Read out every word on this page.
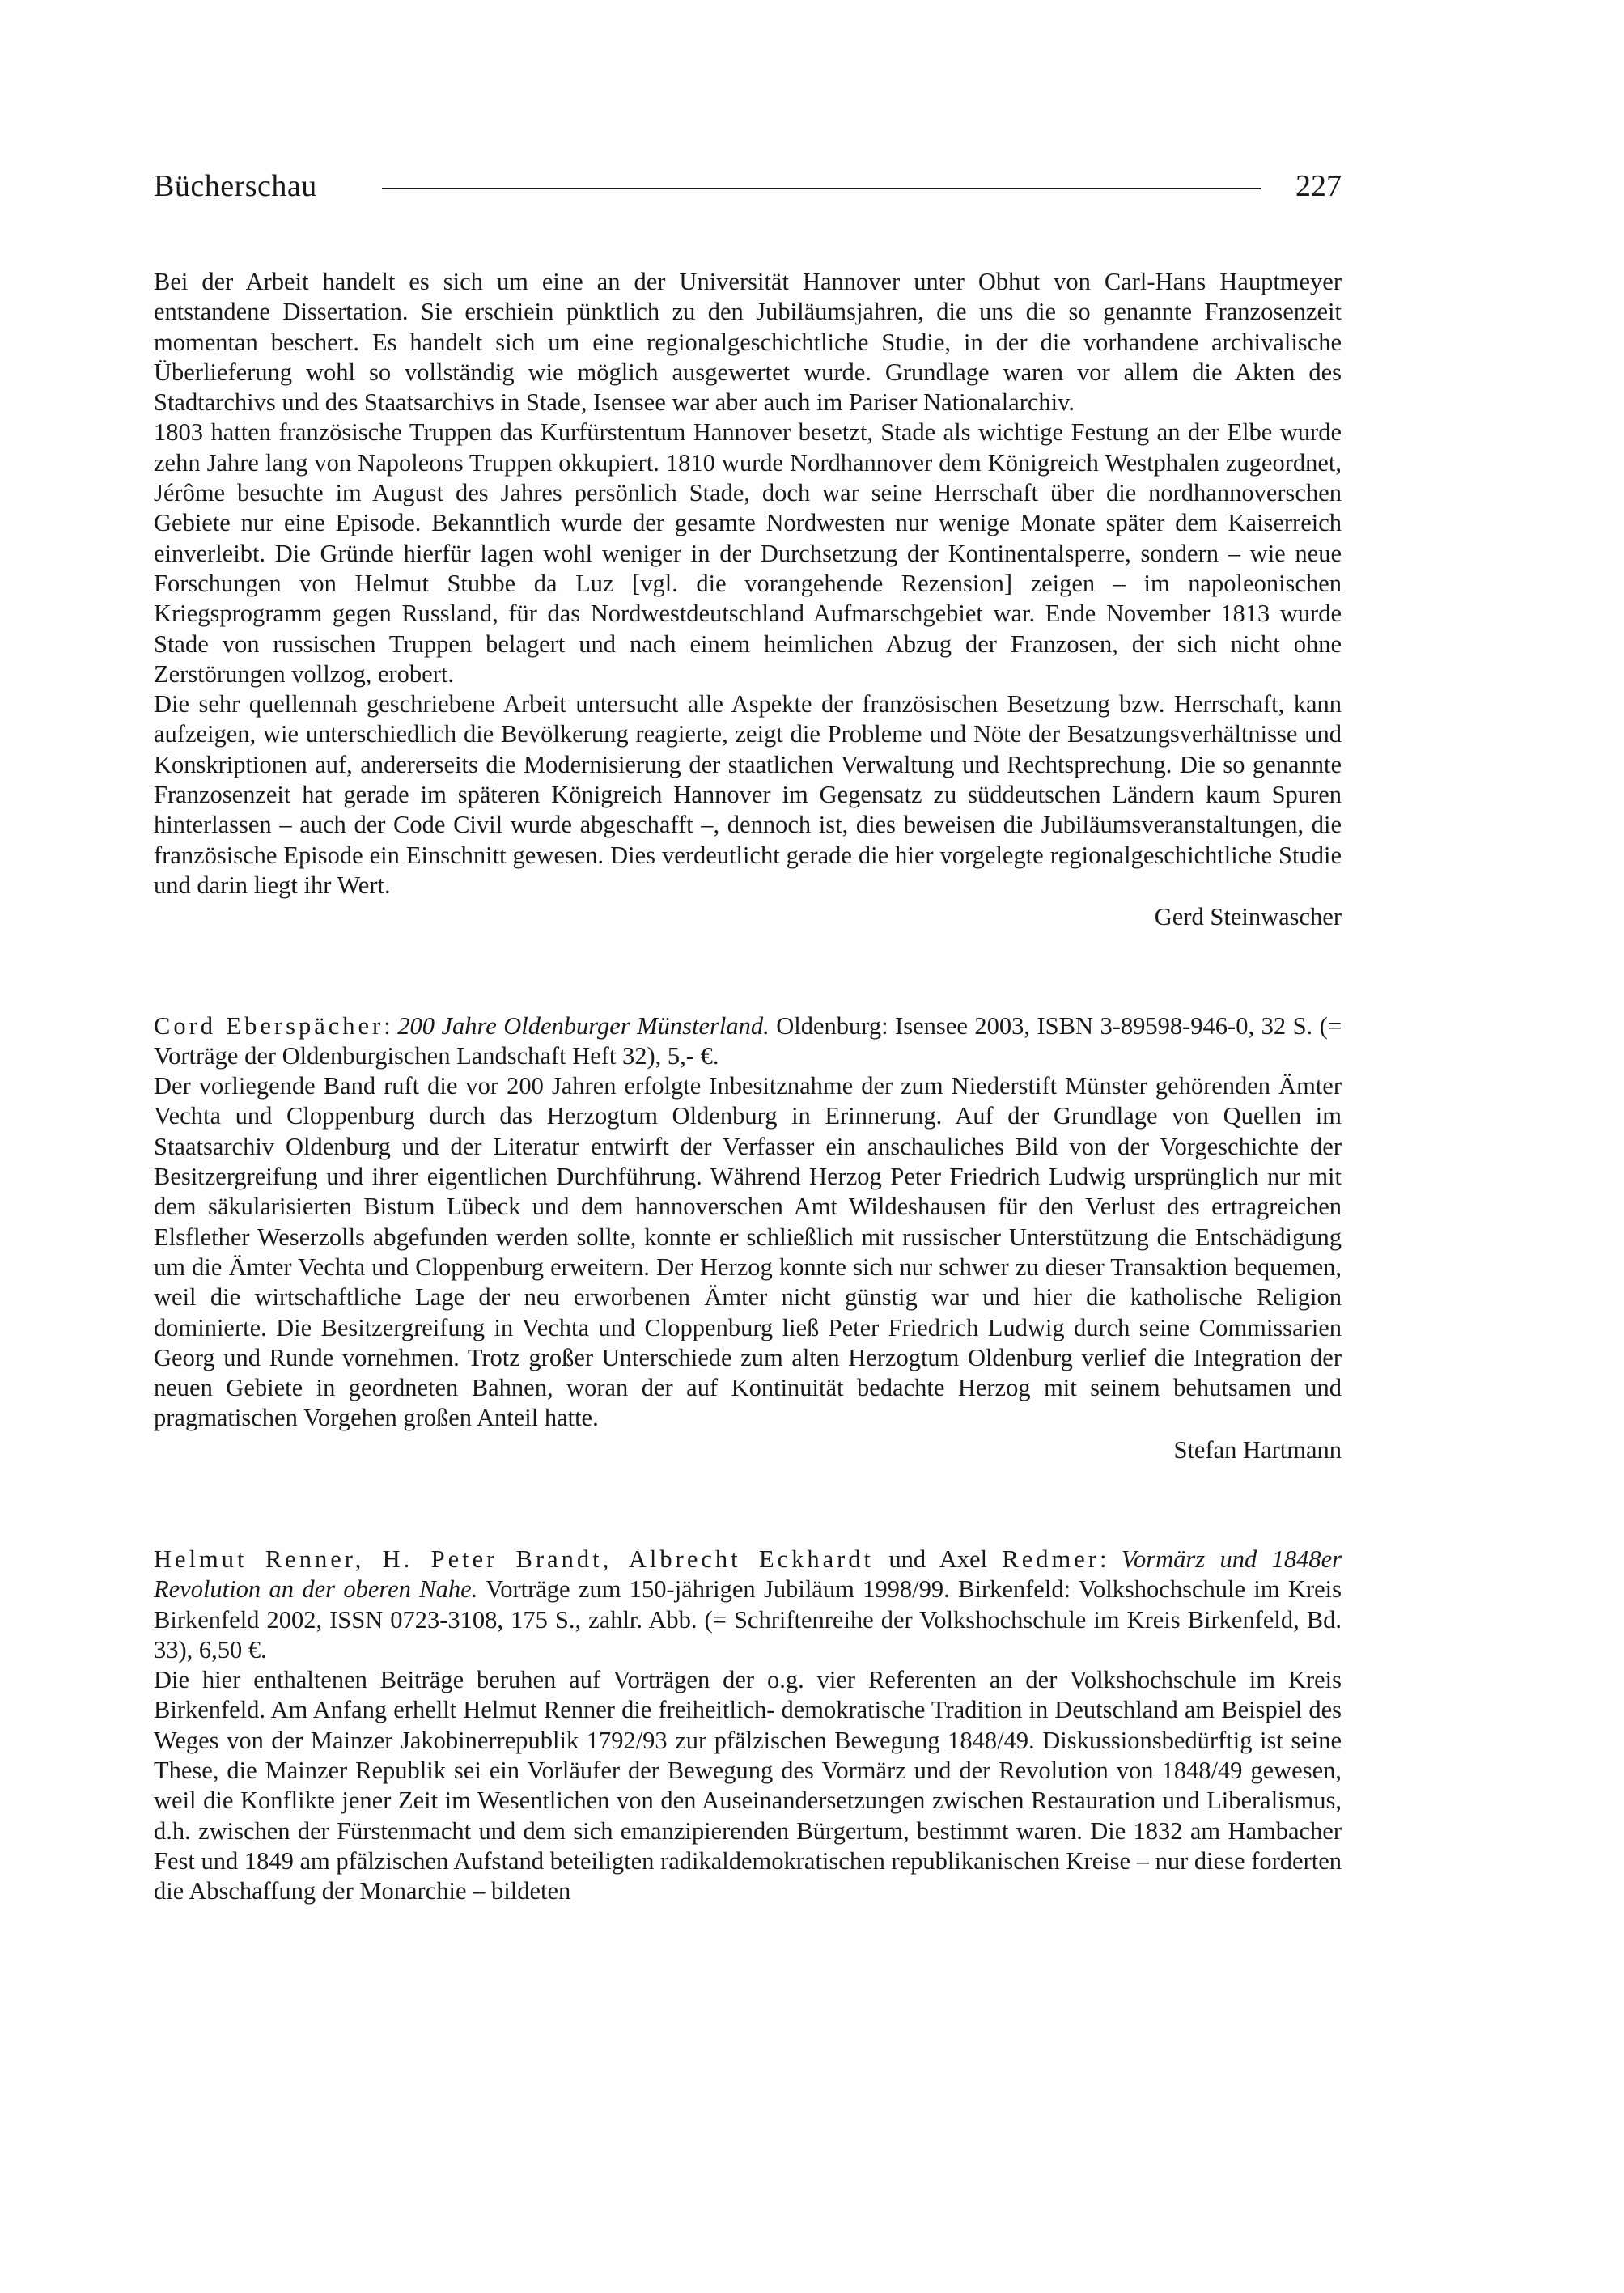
Bücherschau	227

Bei der Arbeit handelt es sich um eine an der Universität Hannover unter Obhut von Carl-Hans Hauptmeyer entstandene Dissertation. Sie erschiein pünktlich zu den Jubiläumsjahren, die uns die so genannte Franzosenzeit momentan beschert. Es handelt sich um eine regionalgeschichtliche Studie, in der die vorhandene archivalische Überlieferung wohl so vollständig wie möglich ausgewertet wurde. Grundlage waren vor allem die Akten des Stadtarchivs und des Staatsarchivs in Stade, Isensee war aber auch im Pariser Nationalarchiv.

1803 hatten französische Truppen das Kurfürstentum Hannover besetzt, Stade als wichtige Festung an der Elbe wurde zehn Jahre lang von Napoleons Truppen okkupiert. 1810 wurde Nordhannover dem Königreich Westphalen zugeordnet, Jérôme besuchte im August des Jahres persönlich Stade, doch war seine Herrschaft über die nordhannoverschen Gebiete nur eine Episode. Bekanntlich wurde der gesamte Nordwesten nur wenige Monate später dem Kaiserreich einverleibt. Die Gründe hierfür lagen wohl weniger in der Durchsetzung der Kontinentalsperre, sondern – wie neue Forschungen von Helmut Stubbe da Luz [vgl. die vorangehende Rezension] zeigen – im napoleonischen Kriegsprogramm gegen Russland, für das Nordwestdeutschland Aufmarschgebiet war. Ende November 1813 wurde Stade von russischen Truppen belagert und nach einem heimlichen Abzug der Franzosen, der sich nicht ohne Zerstörungen vollzog, erobert.

Die sehr quellennah geschriebene Arbeit untersucht alle Aspekte der französischen Besetzung bzw. Herrschaft, kann aufzeigen, wie unterschiedlich die Bevölkerung reagierte, zeigt die Probleme und Nöte der Besatzungsverhältnisse und Konskriptionen auf, andererseits die Modernisierung der staatlichen Verwaltung und Rechtsprechung. Die so genannte Franzosenzeit hat gerade im späteren Königreich Hannover im Gegensatz zu süddeutschen Ländern kaum Spuren hinterlassen – auch der Code Civil wurde abgeschafft –, dennoch ist, dies beweisen die Jubiläumsveranstaltungen, die französische Episode ein Einschnitt gewesen. Dies verdeutlicht gerade die hier vorgelegte regionalgeschichtliche Studie und darin liegt ihr Wert.

Gerd Steinwascher

Cord Eberspächer: 200 Jahre Oldenburger Münsterland. Oldenburg: Isensee 2003, ISBN 3-89598-946-0, 32 S. (= Vorträge der Oldenburgischen Landschaft Heft 32), 5,- €.

Der vorliegende Band ruft die vor 200 Jahren erfolgte Inbesitznahme der zum Niederstift Münster gehörenden Ämter Vechta und Cloppenburg durch das Herzogtum Oldenburg in Erinnerung. Auf der Grundlage von Quellen im Staatsarchiv Oldenburg und der Literatur entwirft der Verfasser ein anschauliches Bild von der Vorgeschichte der Besitzergreifung und ihrer eigentlichen Durchführung. Während Herzog Peter Friedrich Ludwig ursprünglich nur mit dem säkularisierten Bistum Lübeck und dem hannoverschen Amt Wildeshausen für den Verlust des ertragreichen Elsflether Weserzolls abgefunden werden sollte, konnte er schließlich mit russischer Unterstützung die Entschädigung um die Ämter Vechta und Cloppenburg erweitern. Der Herzog konnte sich nur schwer zu dieser Transaktion bequemen, weil die wirtschaftliche Lage der neu erworbenen Ämter nicht günstig war und hier die katholische Religion dominierte. Die Besitzergreifung in Vechta und Cloppenburg ließ Peter Friedrich Ludwig durch seine Commissarien Georg und Runde vornehmen. Trotz großer Unterschiede zum alten Herzogtum Oldenburg verlief die Integration der neuen Gebiete in geordneten Bahnen, woran der auf Kontinuität bedachte Herzog mit seinem behutsamen und pragmatischen Vorgehen großen Anteil hatte.

Stefan Hartmann

Helmut Renner, H. Peter Brandt, Albrecht Eckhardt und Axel Redmer: Vormärz und 1848er Revolution an der oberen Nahe. Vorträge zum 150-jährigen Jubiläum 1998/99. Birkenfeld: Volkshochschule im Kreis Birkenfeld 2002, ISSN 0723-3108, 175 S., zahlr. Abb. (= Schriftenreihe der Volkshochschule im Kreis Birkenfeld, Bd. 33), 6,50 €.

Die hier enthaltenen Beiträge beruhen auf Vorträgen der o.g. vier Referenten an der Volkshochschule im Kreis Birkenfeld. Am Anfang erhellt Helmut Renner die freiheitlich- demokratische Tradition in Deutschland am Beispiel des Weges von der Mainzer Jakobinerrepublik 1792/93 zur pfälzischen Bewegung 1848/49. Diskussionsbedürftig ist seine These, die Mainzer Republik sei ein Vorläufer der Bewegung des Vormärz und der Revolution von 1848/49 gewesen, weil die Konflikte jener Zeit im Wesentlichen von den Auseinandersetzungen zwischen Restauration und Liberalismus, d.h. zwischen der Fürstenmacht und dem sich emanzipierenden Bürgertum, bestimmt waren. Die 1832 am Hambacher Fest und 1849 am pfälzischen Aufstand beteiligten radikaldemokratischen republikanischen Kreise – nur diese forderten die Abschaffung der Monarchie – bildeten
